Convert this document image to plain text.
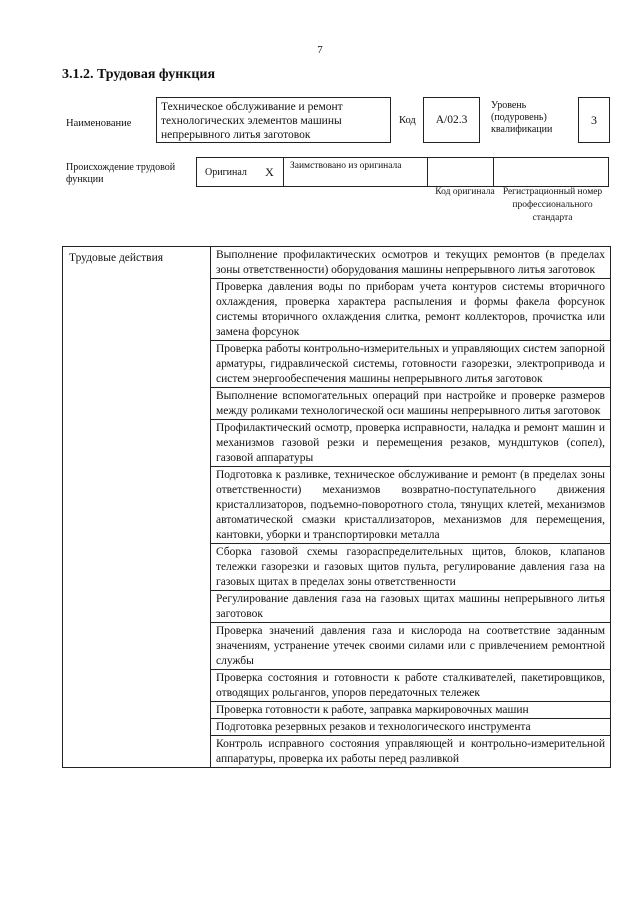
7
3.1.2. Трудовая функция
Наименование
Техническое обслуживание и ремонт технологических элементов машины непрерывного литья заготовок
Код	A/02.3
Уровень (подуровень) квалификации
3
Происхождение трудовой функции
Оригинал	X	Заимствовано из оригинала
Код оригинала Регистрационный номер профессионального стандарта
Трудовые действия	Выполнение профилактических осмотров и текущих ремонтов (в пределах зоны ответственности) оборудования машины непрерывного литья заготовок
Проверка давления воды по приборам учета контуров системы вторичного охлаждения, проверка характера распыления и формы факела форсунок системы вторичного охлаждения слитка, ремонт коллекторов, прочистка или замена форсунок
Проверка работы контрольно-измерительных и управляющих систем запорной арматуры, гидравлической системы, готовности газорезки, электропривода и систем энергообеспечения машины непрерывного литья заготовок
Выполнение вспомогательных операций при настройке и проверке размеров между роликами технологической оси машины непрерывного литья заготовок
Профилактический осмотр, проверка исправности, наладка и ремонт машин и механизмов газовой резки и перемещения резаков, мундштуков (сопел), газовой аппаратуры
Подготовка к разливке, техническое обслуживание и ремонт (в пределах зоны ответственности) механизмов возвратно-поступательного движения кристаллизаторов, подъемно-поворотного стола, тянущих клетей, механизмов автоматической смазки кристаллизаторов, механизмов для перемещения, кантовки, уборки и транспортировки металла
Сборка газовой схемы газораспределительных щитов, блоков, клапанов тележки газорезки и газовых щитов пульта, регулирование давления газа на газовых щитах в пределах зоны ответственности
Регулирование давления газа на газовых щитах машины непрерывного литья заготовок
Проверка значений давления газа и кислорода на соответствие заданным значениям, устранение утечек своими силами или с привлечением ремонтной службы
Проверка состояния и готовности к работе сталкивателей, пакетировщиков, отводящих рольгангов, упоров передаточных тележек
Проверка готовности к работе, заправка маркировочных машин
Подготовка резервных резаков и технологического инструмента
Контроль исправного состояния управляющей и контрольно-измерительной аппаратуры, проверка их работы перед разливкой
